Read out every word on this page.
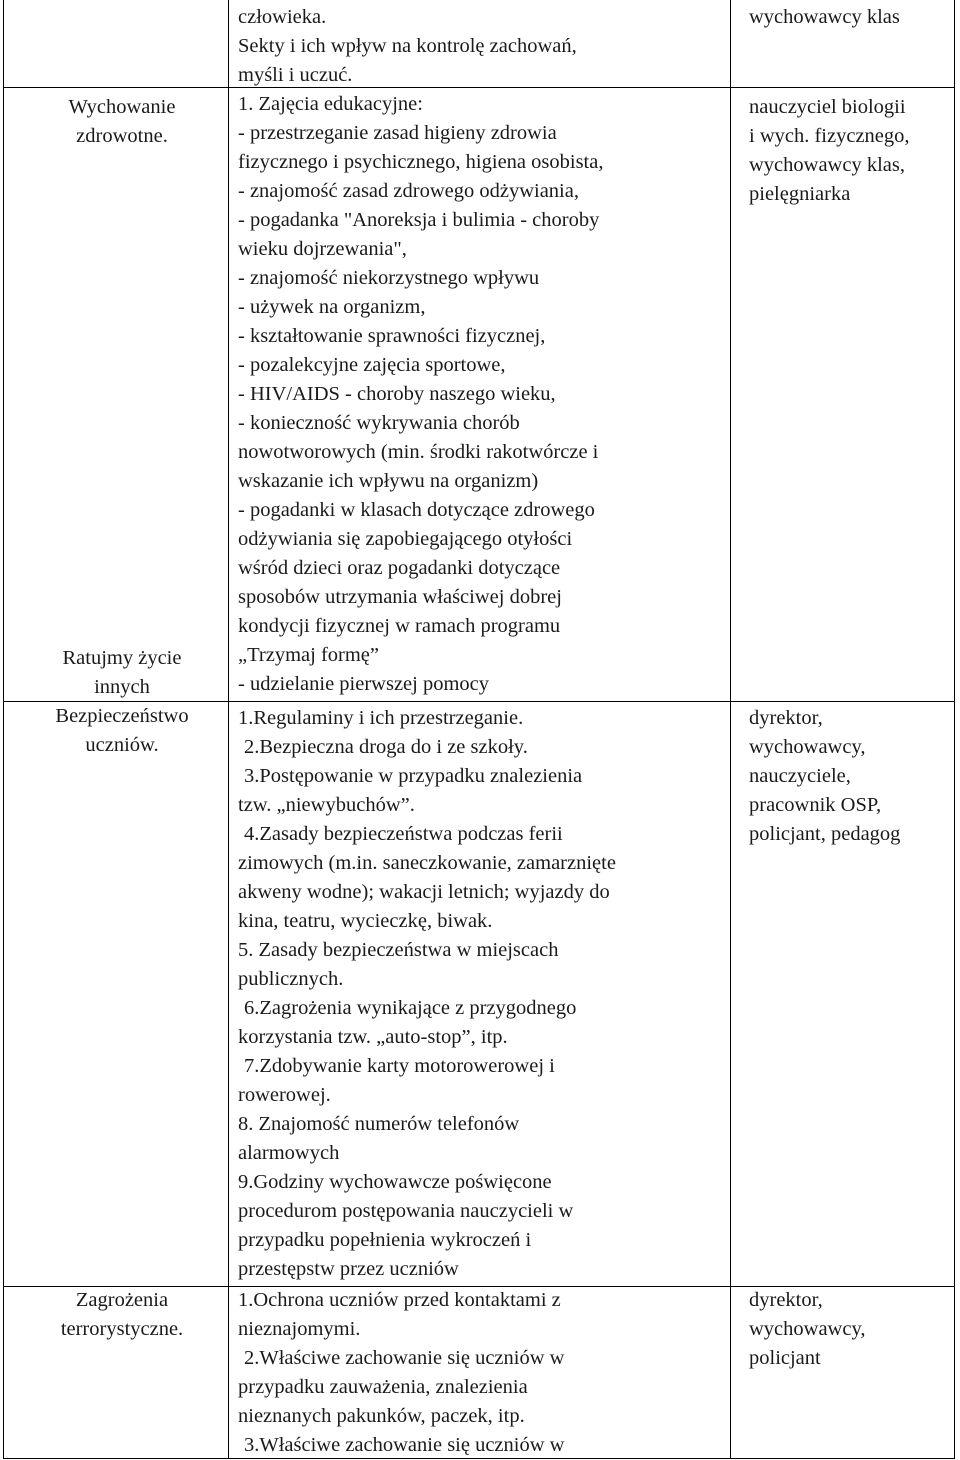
człowieka.
Sekty i ich wpływ na kontrolę zachowań,
myśli i uczuć.
wychowawcy klas
Wychowanie
zdrowotne.
1. Zajęcia edukacyjne:
- przestrzeganie zasad higieny zdrowia
fizycznego i psychicznego, higiena osobista,
- znajomość zasad zdrowego odżywiania,
- pogadanka "Anoreksja i bulimia - choroby
wieku dojrzewania",
- znajomość niekorzystnego wpływu
- używek na organizm,
- kształtowanie sprawności fizycznej,
- pozalekcyjne zajęcia sportowe,
- HIV/AIDS - choroby naszego wieku,
- konieczność wykrywania chorób
nowotworowych (min. środki rakotwórcze i
wskazanie ich wpływu na organizm)
- pogadanki w klasach dotyczące zdrowego
odżywiania się zapobiegającego otyłości
wśród dzieci oraz pogadanki dotyczące
sposobów utrzymania właściwej dobrej
kondycji fizycznej w ramach programu
„Trzymaj formę”
- udzielanie pierwszej pomocy
nauczyciel biologii
i wych. fizycznego,
wychowawcy klas,
pielęgniarka
Ratujmy życie
innych
Bezpieczeństwo
uczniów.
1.Regulaminy i ich przestrzeganie.
2.Bezpieczna droga do i ze szkoły.
3.Postępowanie w przypadku znalezienia
tzw. „niewybuchów”.
4.Zasady bezpieczeństwa podczas ferii
zimowych (m.in. saneczkowanie, zamarznięte
akweny wodne); wakacji letnich; wyjazdy do
kina, teatru, wycieczkę, biwak.
5. Zasady bezpieczeństwa w miejscach
publicznych.
6.Zagrożenia wynikające z przygodnego
korzystania tzw. „auto-stop”, itp.
7.Zdobywanie karty motorowerowej i
rowerowej.
8. Znajomość numerów telefonów
alarmowych
9.Godziny wychowawcze poświęcone
procedurom postępowania nauczycieli w
przypadku popełnienia wykroczeń i
przestępstw przez uczniów
dyrektor,
wychowawcy,
nauczyciele,
pracownik OSP,
policjant, pedagog
Zagrożenia
terrorystyczne.
1.Ochrona uczniów przed kontaktami z
nieznajomymi.
2.Właściwe zachowanie się uczniów w
przypadku zauważenia, znalezienia
nieznanych pakunków, paczek, itp.
3.Właściwe zachowanie się uczniów w
dyrektor,
wychowawcy,
policjant
